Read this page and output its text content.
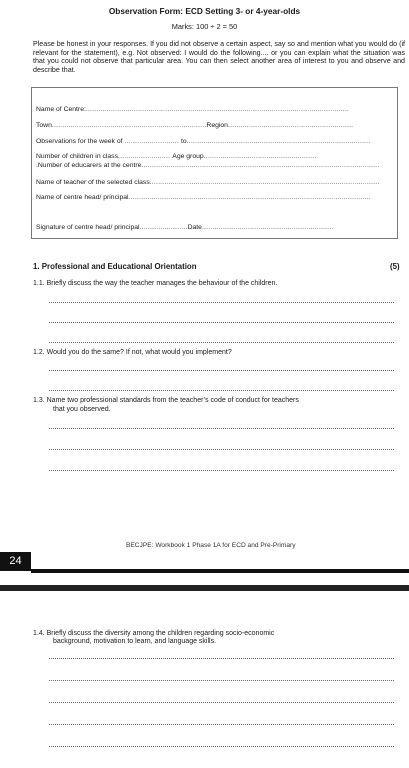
Observation Form: ECD Setting 3- or 4-year-olds
Marks: 100 ÷ 2 = 50
Please be honest in your responses. If you did not observe a certain aspect, say so and mention what you would do (if relevant for the statement), e.g. Not observed: I would do the following.... or you can explain what the situation was that you could not observe that particular area. You can then select another area of interest to you and observe and describe that.
Name of Centre:..............................................................................................................................
Town..........................................................................Region............................................................
Observations for the week of .......................... to........................................................................................
Number of children in class......................... Age group......................................................
.Number of educarers at the centre..................................................................................................................
Name of teacher of the selected class..............................................................................................................
Name of centre head/ principal....................................................................................................................
Signature of centre head/ principal.......................Date...............................................................
1. Professional and Educational Orientation	(5)
1.1. Briefly discuss the way the teacher manages the behaviour of the children.
1.2. Would you do the same? If not, what would you implement?
1.3. Name two professional standards from the teacher’s code of conduct for teachers
that you observed.
BECJPE: Workbook 1 Phase 1A for ECD and Pre-Primary
24
1.4. Briefly discuss the diversity among the children regarding socio-economic
background, motivation to learn, and language skills.
